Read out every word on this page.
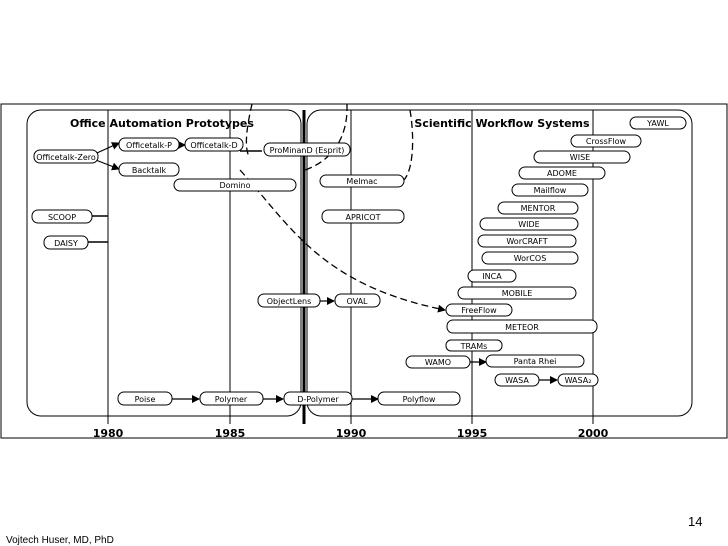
Office Automation Prototypes	Scientific Workflow Systems
Officetalk-Zero
Officetalk-P Officetalk-D
Backtalk
ProMinanD (Esprit)
Domino
SCOOP
DAISY
Poise	Polymer
ObjectLens
D-Polymer
Melmac
APRICOT
OVAL
Polyflow
YAWL
CrossFlow
WISE
ADOME
Mailflow
MENTOR
WIDE
WorCRAFT
WorCOS
INCA
MOBILE
FreeFlow
METEOR
TRAMs
WAMO	Panta Rhei
WASA	WASA₂
1980	1985	1990	1995	2000
14
Vojtech Huser, MD, PhD
